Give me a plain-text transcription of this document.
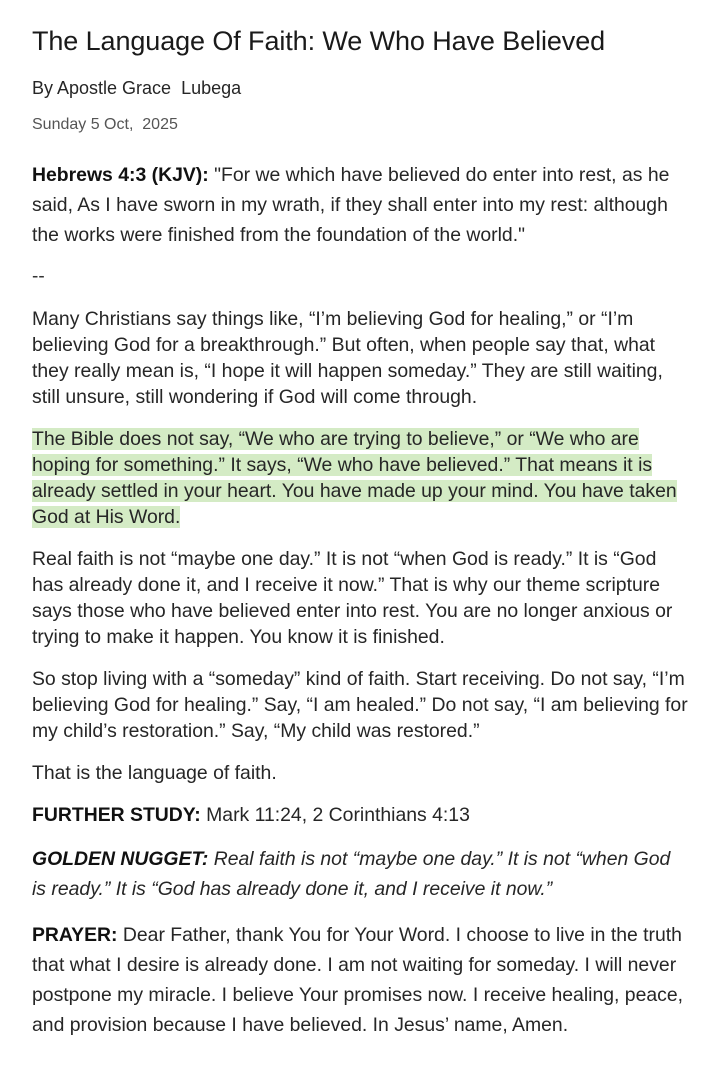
The Language Of Faith: We Who Have Believed
By Apostle Grace  Lubega
Sunday 5 Oct,  2025
Hebrews 4:3 (KJV): "For we which have believed do enter into rest, as he said, As I have sworn in my wrath, if they shall enter into my rest: although the works were finished from the foundation of the world."
--
Many Christians say things like, “I’m believing God for healing,” or “I’m believing God for a breakthrough.” But often, when people say that, what they really mean is, “I hope it will happen someday.” They are still waiting, still unsure, still wondering if God will come through.
The Bible does not say, “We who are trying to believe,” or “We who are hoping for something.” It says, “We who have believed.” That means it is already settled in your heart. You have made up your mind. You have taken God at His Word.
Real faith is not “maybe one day.” It is not “when God is ready.” It is “God has already done it, and I receive it now.” That is why our theme scripture says those who have believed enter into rest. You are no longer anxious or trying to make it happen. You know it is finished.
So stop living with a “someday” kind of faith. Start receiving. Do not say, “I’m believing God for healing.” Say, “I am healed.” Do not say, “I am believing for my child’s restoration.” Say, “My child was restored.”
That is the language of faith.
FURTHER STUDY: Mark 11:24, 2 Corinthians 4:13
GOLDEN NUGGET: Real faith is not “maybe one day.” It is not “when God is ready.” It is “God has already done it, and I receive it now.”
PRAYER: Dear Father, thank You for Your Word. I choose to live in the truth that what I desire is already done. I am not waiting for someday. I will never postpone my miracle. I believe Your promises now. I receive healing, peace, and provision because I have believed. In Jesus’ name, Amen.
